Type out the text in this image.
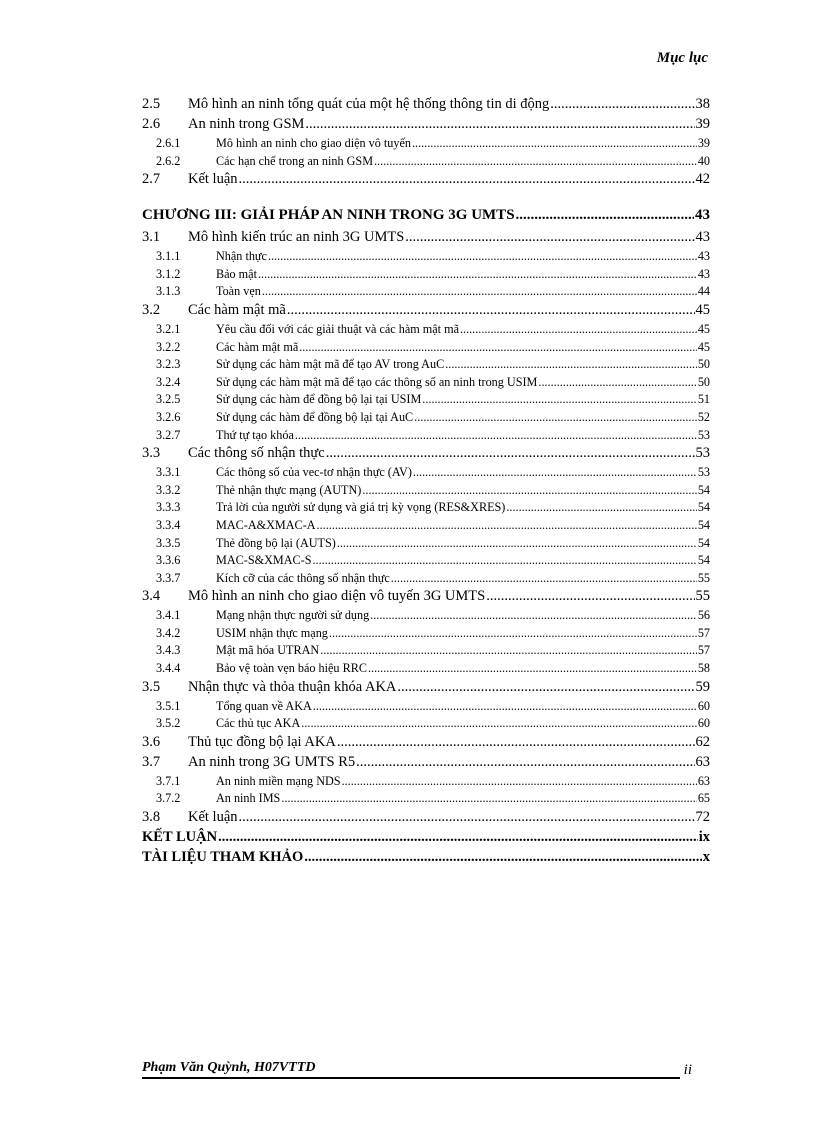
Mục lục
2.5	Mô hình an ninh tổng quát của một hệ thống thông tin di động .....	38
2.6	An ninh trong GSM .....	39
2.6.1	Mô hình an ninh cho giao diện vô tuyến .....	39
2.6.2	Các hạn chế trong an ninh GSM .....	40
2.7	Kết luận .....	42
CHƯƠNG III: GIẢI PHÁP AN NINH TRONG 3G UMTS .....	43
3.1	Mô hình kiến trúc an ninh 3G UMTS .....	43
3.1.1	Nhận thực .....	43
3.1.2	Bảo mật .....	43
3.1.3	Toàn vẹn .....	44
3.2	Các hàm mật mã .....	45
3.2.1	Yêu cầu đối với các giải thuật và các hàm mật mã .....	45
3.2.2	Các hàm mật mã .....	45
3.2.3	Sử dụng các hàm mật mã để tạo AV trong AuC .....	50
3.2.4	Sử dụng các hàm mật mã để tạo các thông số an ninh trong USIM .....	50
3.2.5	Sử dụng các hàm để đồng bộ lại tại USIM .....	51
3.2.6	Sử dụng các hàm để đồng bộ lại tại AuC .....	52
3.2.7	Thứ tự tạo khóa .....	53
3.3	Các thông số nhận thực .....	53
3.3.1	Các thông số của vec-tơ nhận thực (AV) .....	53
3.3.2	Thẻ nhận thực mạng (AUTN) .....	54
3.3.3	Trả lời của người sử dụng và giá trị kỳ vọng (RES&XRES) .....	54
3.3.4	MAC-A&XMAC-A .....	54
3.3.5	Thẻ đồng bộ lại (AUTS) .....	54
3.3.6	MAC-S&XMAC-S .....	54
3.3.7	Kích cỡ của các thông số nhận thực .....	55
3.4	Mô hình an ninh cho giao diện vô tuyến 3G UMTS .....	55
3.4.1	Mạng nhận thực người sử dụng .....	56
3.4.2	USIM nhận thực mạng .....	57
3.4.3	Mật mã hóa UTRAN .....	57
3.4.4	Bảo vệ toàn vẹn báo hiệu RRC .....	58
3.5	Nhận thực và thỏa thuận khóa AKA .....	59
3.5.1	Tổng quan về AKA .....	60
3.5.2	Các thủ tục AKA .....	60
3.6	Thủ tục đồng bộ lại AKA .....	62
3.7	An ninh trong 3G UMTS R5 .....	63
3.7.1	An ninh miền mạng NDS .....	63
3.7.2	An ninh IMS .....	65
3.8	Kết luận .....	72
KẾT LUẬN .....	ix
TÀI LIỆU THAM KHẢO .....	x
Phạm Văn Quỳnh, H07VTTD	ii
